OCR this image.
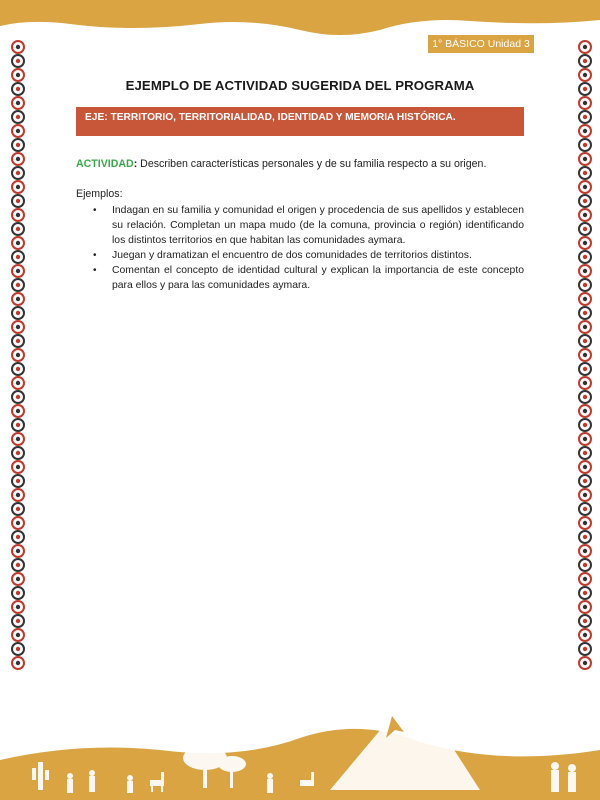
1° BÁSICO Unidad 3
EJEMPLO DE ACTIVIDAD SUGERIDA DEL PROGRAMA
EJE: TERRITORIO, TERRITORIALIDAD, IDENTIDAD Y MEMORIA HISTÓRICA.
ACTIVIDAD: Describen características personales y de su familia respecto a su origen.
Ejemplos:
• Indagan en su familia y comunidad el origen y procedencia de sus apellidos y establecen su relación. Completan un mapa mudo (de la comuna, provincia o región) identificando los distintos territorios en que habitan las comunidades aymara.
• Juegan y dramatizan el encuentro de dos comunidades de territorios distintos.
• Comentan el concepto de identidad cultural y explican la importancia de este concepto para ellos y para las comunidades aymara.
